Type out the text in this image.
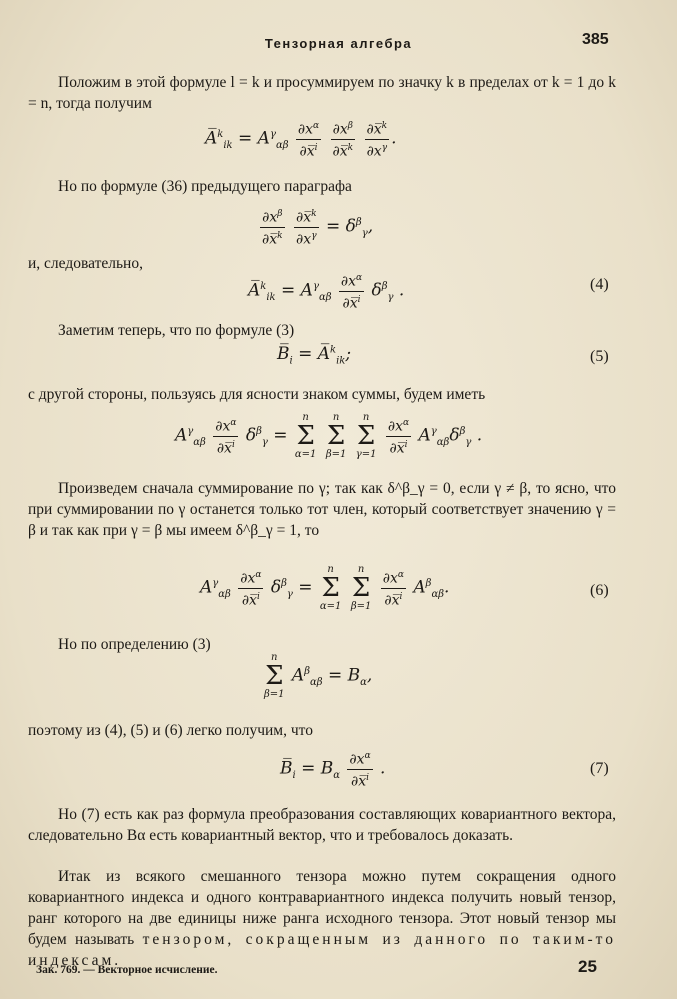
Тензорная алгебра	385
Положим в этой формуле l = k и просуммируем по значку k в пределах от k = 1 до k = n, тогда получим
A̅$^k_{ik}$ = $A^\gamma_{\alpha\beta} \frac{\partial x^\alpha}{\partial x̅^i}$
$\frac{\partial x^\beta}{\partial x̅^k}$
$\frac{\partial x̅^k}{\partial x^\gamma}$ .
Но по формуле (36) предыдущего параграфа
$\frac{\partial x^\beta}{\partial x̅^k}$
$\frac{\partial x̅^k}{\partial x^\gamma} = \delta^\beta_\gamma$,
и, следовательно,
A̅$^k_{ik}$ = $A^\gamma_{\alpha\beta} \frac{\partial x^\alpha}{\partial x̅^i} \delta^\beta_\gamma$ .	(4)
Заметим теперь, что по формуле (3)
$B̅_i$ = A̅$^k_{ik}$;	(5)
с другой стороны, пользуясь для ясности знаком суммы, будем иметь
$A^\gamma_{\alpha\beta} \frac{\partial x^\alpha}{\partial x̅^i} \delta^\beta_\gamma$ =
n
Σ
α=1

n
Σ
β=1

n
Σ
γ=1
$\frac{\partial x^\alpha}{\partial x̅^i} A^\gamma_{\alpha\beta}\delta^\beta_\gamma$ .
Произведем сначала суммирование по γ; так как δ^β_γ = 0, если γ ≠ β, то ясно, что при суммировании по γ останется только тот член, который соответствует значению γ = β и так как при γ = β мы имеем δ^β_γ = 1, то
$A^\gamma_{\alpha\beta} \frac{\partial x^\alpha}{\partial x̅^i} \delta^\beta_\gamma$ =
n
Σ
α=1

n
Σ
β=1
$\frac{\partial x^\alpha}{\partial x̅^i} A^\beta_{\alpha\beta}$.	(6)
Но по определению (3)
n
Σ
β=1
$A^\beta_{\alpha\beta} = B_\alpha$,
поэтому из (4), (5) и (6) легко получим, что
$B̅_i = B_\alpha \frac{\partial x^\alpha}{\partial x̅^i}$ .	(7)
Но (7) есть как раз формула преобразования составляющих ковариантного вектора, следовательно Bα есть ковариантный вектор, что и требовалось доказать.
Итак из всякого смешанного тензора можно путем сокращения одного ковариантного индекса и одного контравариантного индекса получить новый тензор, ранг которого на две единицы ниже ранга исходного тензора. Этот новый тензор мы будем называть тензором, сокращенным из данного по таким-то индексам.
Зак. 769. — Векторное исчисление.	25
